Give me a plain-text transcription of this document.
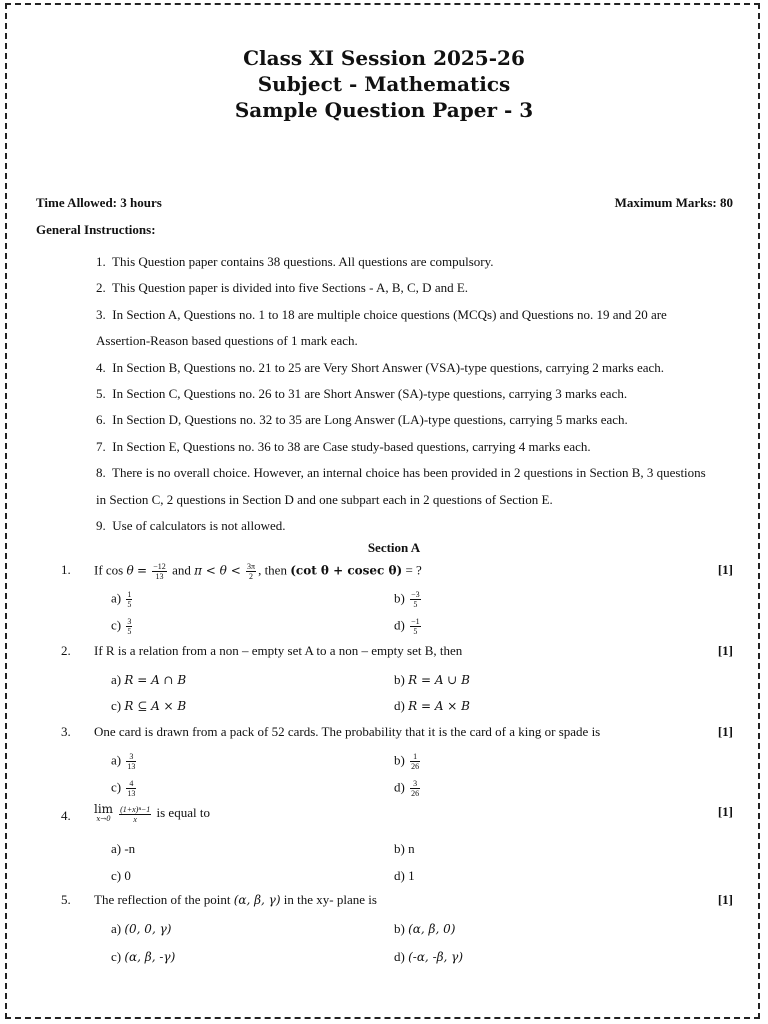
Class XI Session 2025-26
Subject - Mathematics
Sample Question Paper - 3
Time Allowed: 3 hours	Maximum Marks: 80
General Instructions:
1. This Question paper contains 38 questions. All questions are compulsory.
2. This Question paper is divided into five Sections - A, B, C, D and E.
3. In Section A, Questions no. 1 to 18 are multiple choice questions (MCQs) and Questions no. 19 and 20 are
Assertion-Reason based questions of 1 mark each.
4. In Section B, Questions no. 21 to 25 are Very Short Answer (VSA)-type questions, carrying 2 marks each.
5. In Section C, Questions no. 26 to 31 are Short Answer (SA)-type questions, carrying 3 marks each.
6. In Section D, Questions no. 32 to 35 are Long Answer (LA)-type questions, carrying 5 marks each.
7. In Section E, Questions no. 36 to 38 are Case study-based questions, carrying 4 marks each.
8. There is no overall choice. However, an internal choice has been provided in 2 questions in Section B, 3 questions
in Section C, 2 questions in Section D and one subpart each in 2 questions of Section E.
9. Use of calculators is not allowed.
Section A
1. If $\cos \theta = \frac{-12}{13}$ and $\pi < \theta < \frac{3\pi}{2}$ , then (cot θ + cosec θ) = ?	[1]
$a) \frac{1}{5}$	$b) \frac{-3}{5}$
$c) \frac{3}{5}$	$d) \frac{-1}{5}$
2. If R is a relation from a non – empty set A to a non – empty set B, then	[1]
a) R = A ∩ B	b) R = A ∪ B
c) R ⊆ A × B	d) R = A × B
3. One card is drawn from a pack of 52 cards. The probability that it is the card of a king or spade is	[1]
$a) \frac{3}{13}$	$b) \frac{1}{26}$
$c) \frac{4}{13}$	$d) \frac{3}{26}$
4. lim
$x\to 0 \frac{\text{(1+x)ⁿ−1}}{x}$ is equal to	[1]
a) -n	b) n
c) 0	d) 1
5. The reflection of the point (α, β, γ) in the xy- plane is	[1]
a) (0, 0, γ)	b) (α, β, 0)
c) (α, β, -γ)	d) (-α, -β, γ)
